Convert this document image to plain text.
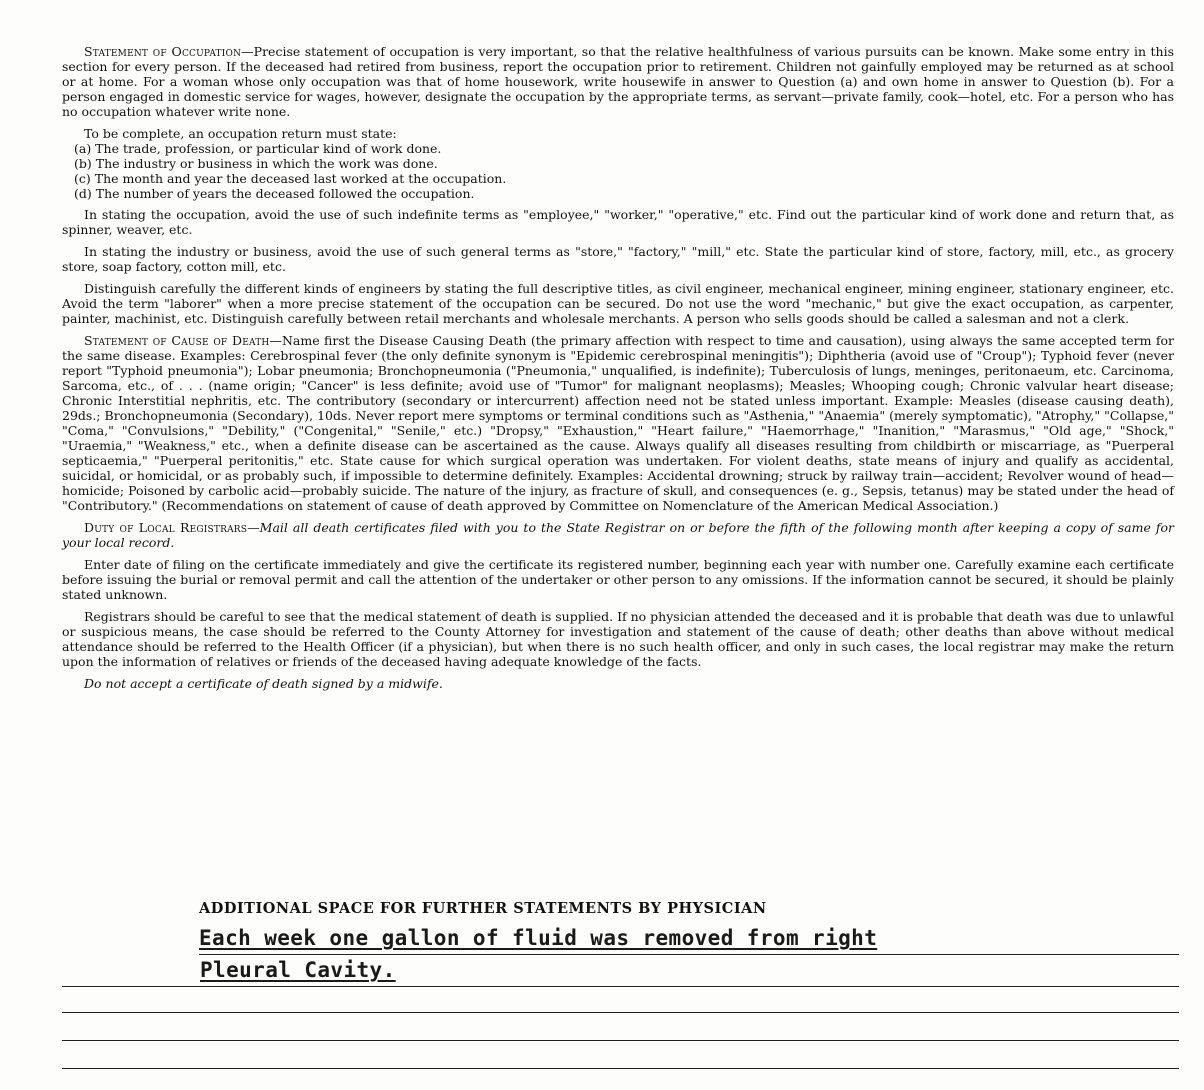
Statement of Occupation—Precise statement of occupation is very important, so that the relative healthfulness of various pursuits can be known. Make some entry in this section for every person. If the deceased had retired from business, report the occupation prior to retirement. Children not gainfully employed may be returned as at school or at home. For a woman whose only occupation was that of home housework, write housewife in answer to Question (a) and own home in answer to Question (b). For a person engaged in domestic service for wages, however, designate the occupation by the appropriate terms, as servant—private family, cook—hotel, etc. For a person who has no occupation whatever write none.

To be complete, an occupation return must state:

(a) The trade, profession, or particular kind of work done.
(b) The industry or business in which the work was done.
(c) The month and year the deceased last worked at the occupation.
(d) The number of years the deceased followed the occupation.

In stating the occupation, avoid the use of such indefinite terms as "employee," "worker," "operative," etc. Find out the particular kind of work done and return that, as spinner, weaver, etc.

In stating the industry or business, avoid the use of such general terms as "store," "factory," "mill," etc. State the particular kind of store, factory, mill, etc., as grocery store, soap factory, cotton mill, etc.

Distinguish carefully the different kinds of engineers by stating the full descriptive titles, as civil engineer, mechanical engineer, mining engineer, stationary engineer, etc. Avoid the term "laborer" when a more precise statement of the occupation can be secured. Do not use the word "mechanic," but give the exact occupation, as carpenter, painter, machinist, etc. Distinguish carefully between retail merchants and wholesale merchants. A person who sells goods should be called a salesman and not a clerk.

Statement of Cause of Death—Name first the Disease Causing Death (the primary affection with respect to time and causation), using always the same accepted term for the same disease. Examples: Cerebrospinal fever (the only definite synonym is "Epidemic cerebrospinal meningitis"); Diphtheria (avoid use of "Croup"); Typhoid fever (never report "Typhoid pneumonia"); Lobar pneumonia; Bronchopneumonia ("Pneumonia," unqualified, is indefinite); Tuberculosis of lungs, meninges, peritonaeum, etc. Carcinoma, Sarcoma, etc., of . . . (name origin; "Cancer" is less definite; avoid use of "Tumor" for malignant neoplasms); Measles; Whooping cough; Chronic valvular heart disease; Chronic Interstitial nephritis, etc. The contributory (secondary or intercurrent) affection need not be stated unless important. Example: Measles (disease causing death), 29ds.; Bronchopneumonia (Secondary), 10ds. Never report mere symptoms or terminal conditions such as "Asthenia," "Anaemia" (merely symptomatic), "Atrophy," "Collapse," "Coma," "Convulsions," "Debility," ("Congenital," "Senile," etc.) "Dropsy," "Exhaustion," "Heart failure," "Haemorrhage," "Inanition," "Marasmus," "Old age," "Shock," "Uraemia," "Weakness," etc., when a definite disease can be ascertained as the cause. Always qualify all diseases resulting from childbirth or miscarriage, as "Puerperal septicaemia," "Puerperal peritonitis," etc. State cause for which surgical operation was undertaken. For violent deaths, state means of injury and qualify as accidental, suicidal, or homicidal, or as probably such, if impossible to determine definitely. Examples: Accidental drowning; struck by railway train—accident; Revolver wound of head—homicide; Poisoned by carbolic acid—probably suicide. The nature of the injury, as fracture of skull, and consequences (e. g., Sepsis, tetanus) may be stated under the head of "Contributory." (Recommendations on statement of cause of death approved by Committee on Nomenclature of the American Medical Association.)

Duty of Local Registrars—Mail all death certificates filed with you to the State Registrar on or before the fifth of the following month after keeping a copy of same for your local record.

Enter date of filing on the certificate immediately and give the certificate its registered number, beginning each year with number one. Carefully examine each certificate before issuing the burial or removal permit and call the attention of the undertaker or other person to any omissions. If the information cannot be secured, it should be plainly stated unknown.

Registrars should be careful to see that the medical statement of death is supplied. If no physician attended the deceased and it is probable that death was due to unlawful or suspicious means, the case should be referred to the County Attorney for investigation and statement of the cause of death; other deaths than above without medical attendance should be referred to the Health Officer (if a physician), but when there is no such health officer, and only in such cases, the local registrar may make the return upon the information of relatives or friends of the deceased having adequate knowledge of the facts.

Do not accept a certificate of death signed by a midwife.

ADDITIONAL SPACE FOR FURTHER STATEMENTS BY PHYSICIAN
Each week one gallon of fluid was removed from right
Pleural Cavity.
